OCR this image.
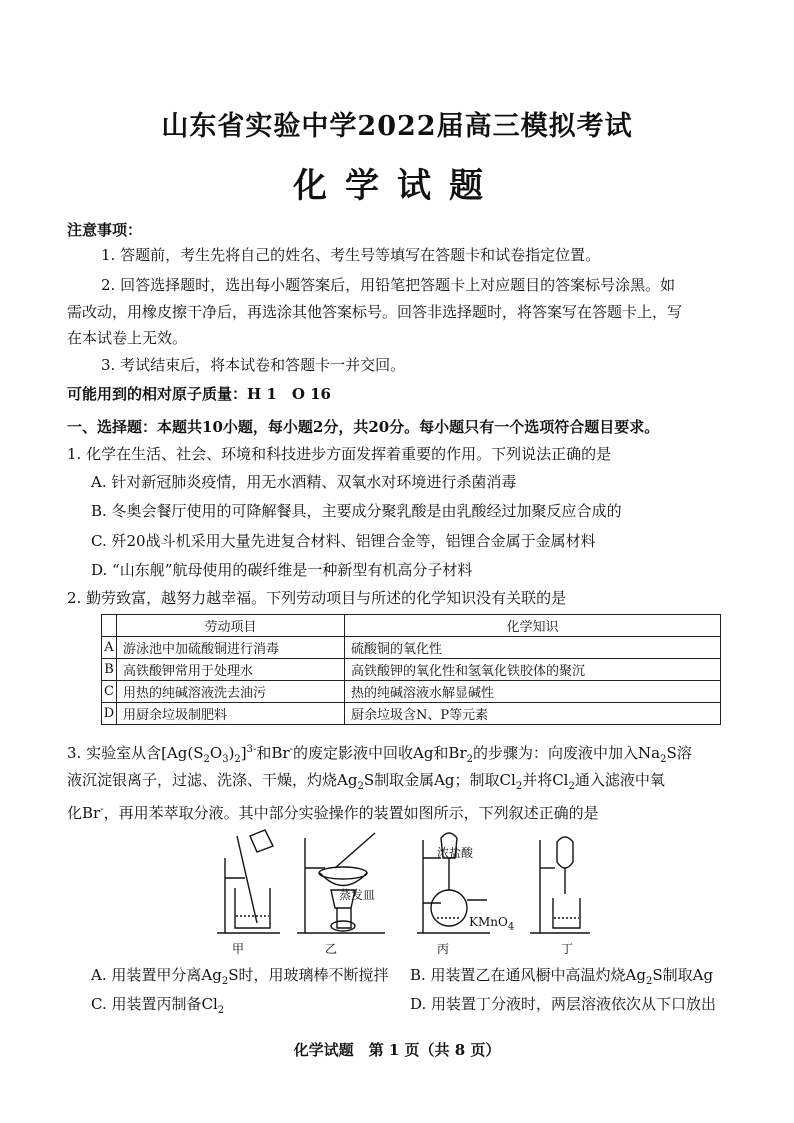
山东省实验中学2022届高三模拟考试
化学试题
注意事项：
1. 答题前，考生先将自己的姓名、考生号等填写在答题卡和试卷指定位置。
2. 回答选择题时，选出每小题答案后，用铅笔把答题卡上对应题目的答案标号涂黑。如
需改动，用橡皮擦干净后，再选涂其他答案标号。回答非选择题时，将答案写在答题卡上，写
在本试卷上无效。
3. 考试结束后，将本试卷和答题卡一并交回。
可能用到的相对原子质量：H 1　O 16
一、选择题：本题共10小题，每小题2分，共20分。每小题只有一个选项符合题目要求。
1. 化学在生活、社会、环境和科技进步方面发挥着重要的作用。下列说法正确的是
A. 针对新冠肺炎疫情，用无水酒精、双氧水对环境进行杀菌消毒
B. 冬奥会餐厅使用的可降解餐具，主要成分聚乳酸是由乳酸经过加聚反应合成的
C. 歼20战斗机采用大量先进复合材料、铝锂合金等，铝锂合金属于金属材料
D. “山东舰”航母使用的碳纤维是一种新型有机高分子材料
2. 勤劳致富，越努力越幸福。下列劳动项目与所述的化学知识没有关联的是
	劳动项目	化学知识
A	游泳池中加硫酸铜进行消毒	硫酸铜的氧化性
B	高铁酸钾常用于处理水	高铁酸钾的氧化性和氢氧化铁胶体的聚沉
C	用热的纯碱溶液洗去油污	热的纯碱溶液水解显碱性
D	用厨余垃圾制肥料	厨余垃圾含N、P等元素
3. 实验室从含$[Ag(S_2O_3)_2]^{3-}$和Br-的废定影液中回收Ag和$Br_2$的步骤为：向废液中加入$Na_2S$溶
液沉淀银离子，过滤、洗涤、干燥，灼烧$Ag_2S$制取金属Ag；制取$Cl_2$并将$Cl_2$通入滤液中氧
化Br-，再用苯萃取分液。其中部分实验操作的装置如图所示，下列叙述正确的是
浓盐酸
蒸发皿
KMnO$_4$
甲	乙	丙	丁
A. 用装置甲分离$Ag_2S$时，用玻璃棒不断搅拌 B. 用装置乙在通风橱中高温灼烧$Ag_2S$制取Ag
C. 用装置丙制备$Cl_2$	D. 用装置丁分液时，两层溶液依次从下口放出
化学试题　第 1 页（共 8 页）
